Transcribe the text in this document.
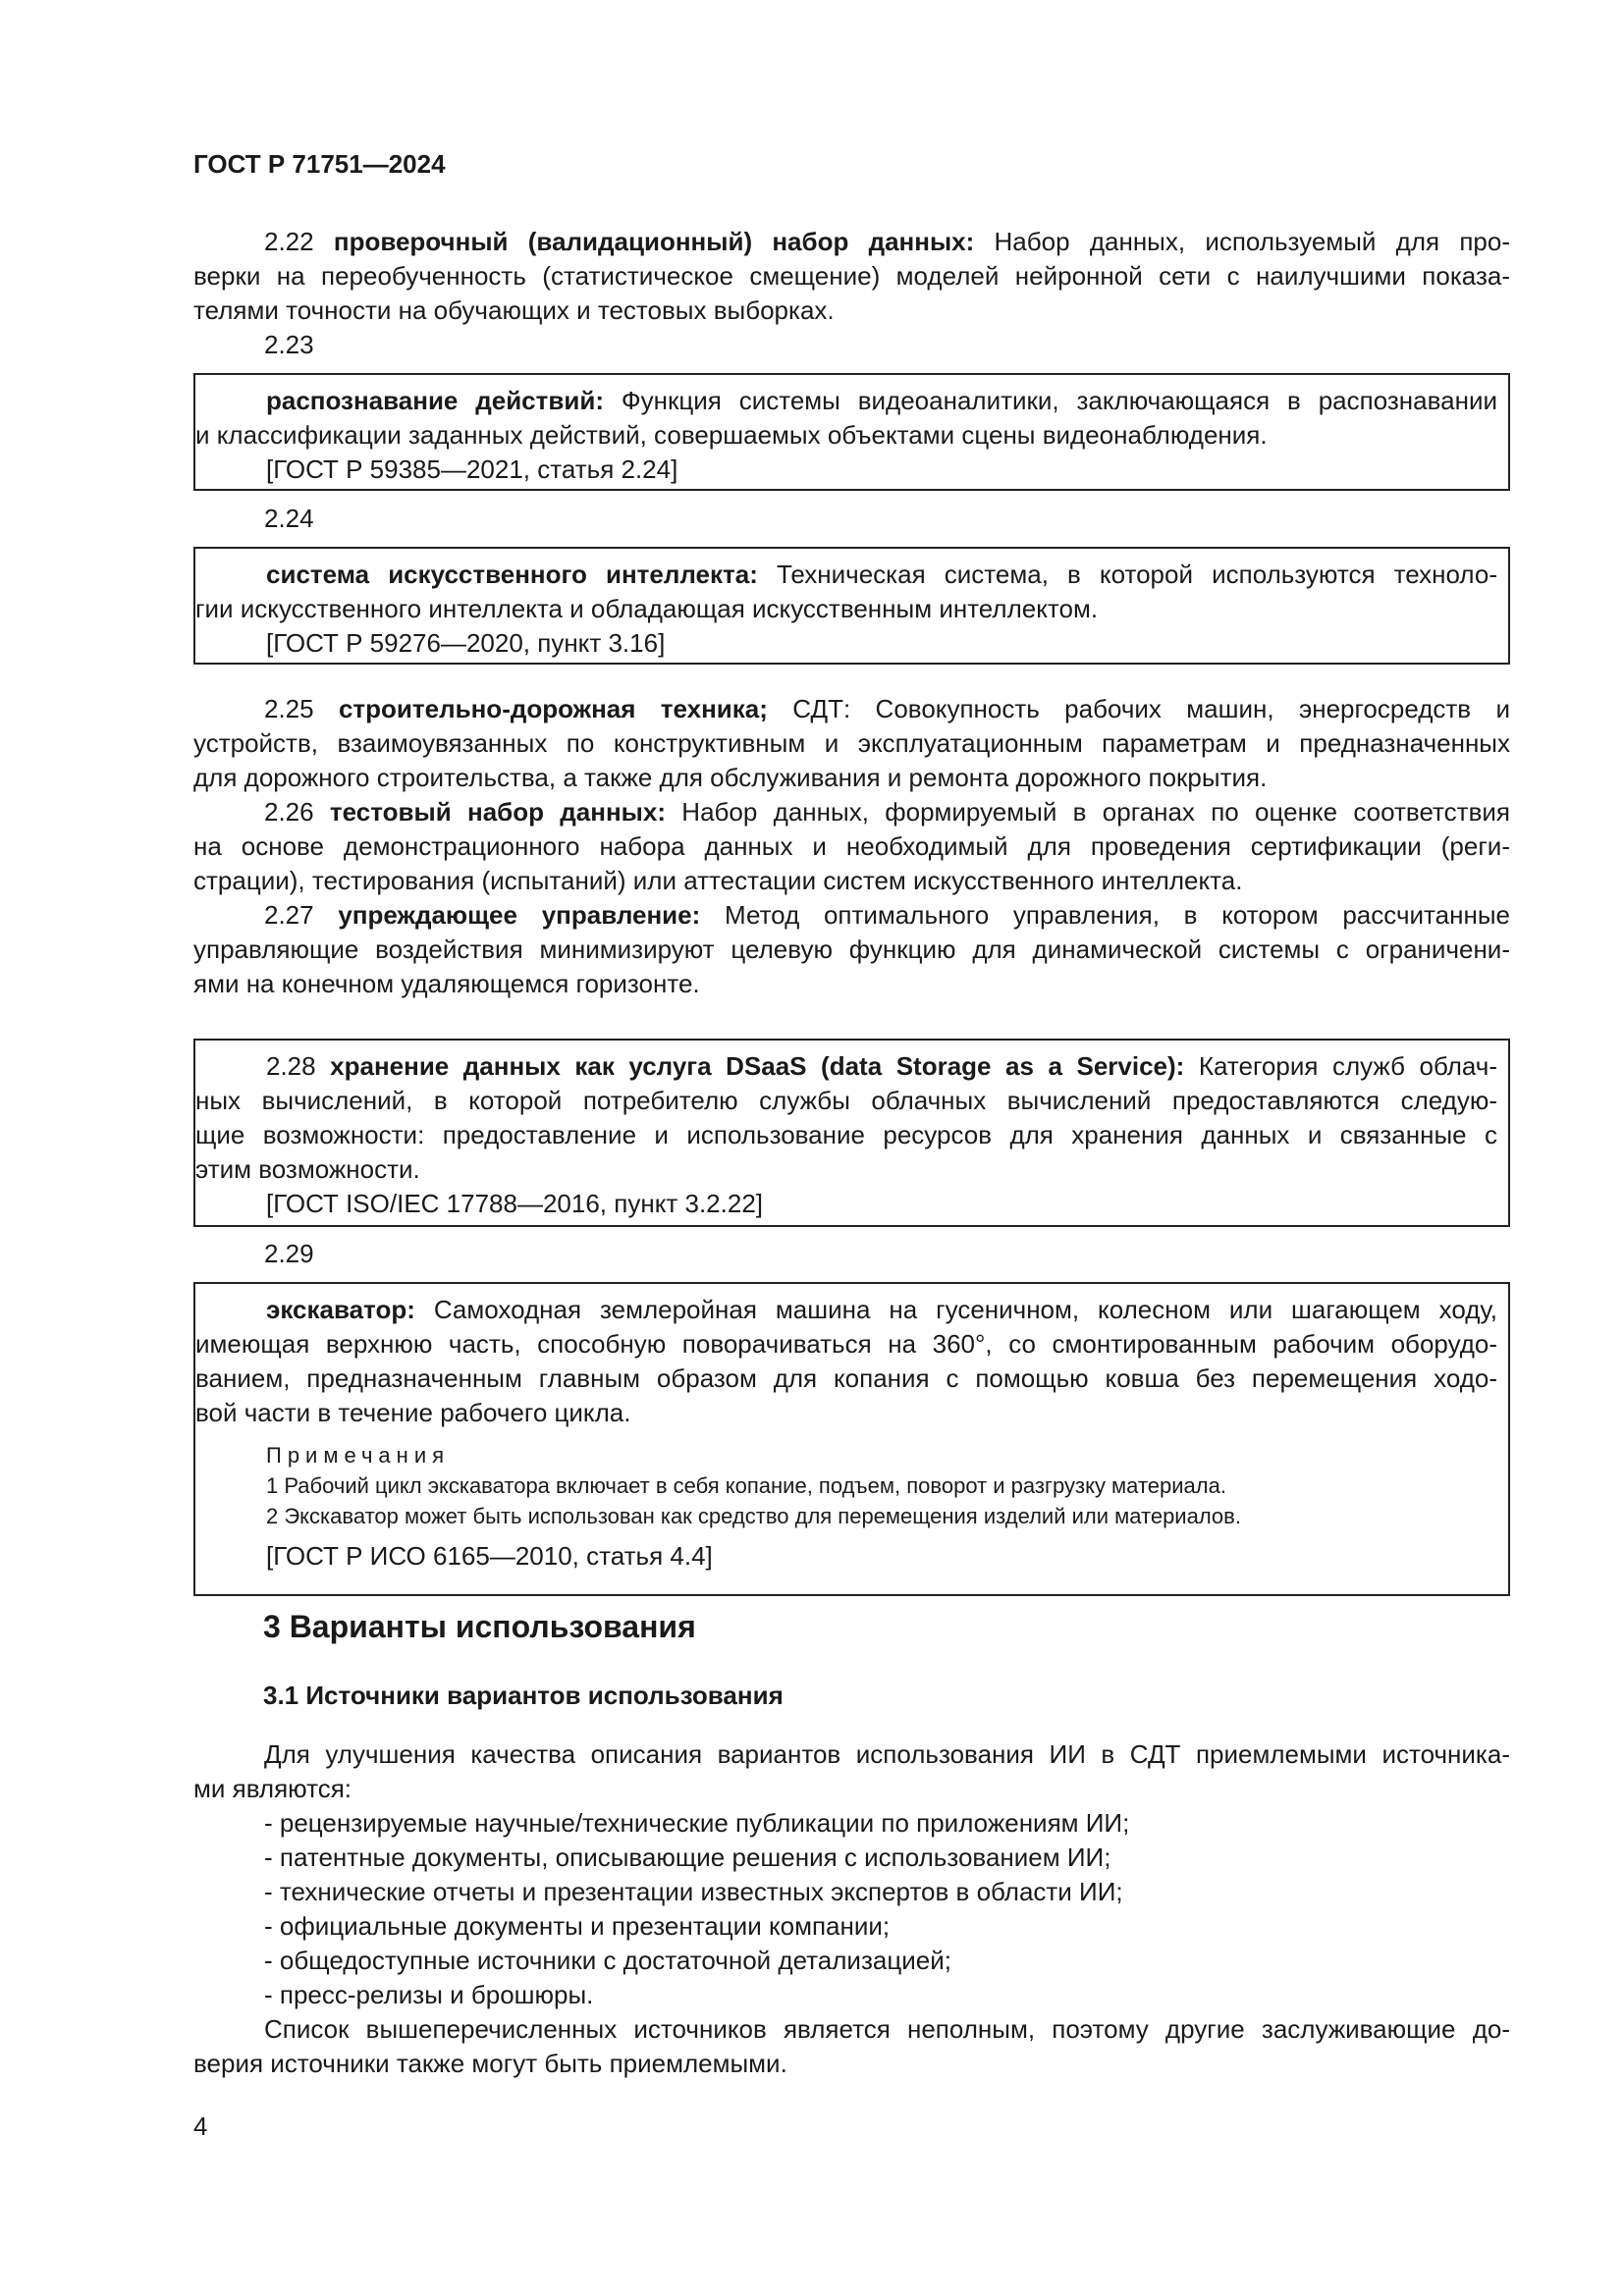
ГОСТ Р 71751—2024

2.22 проверочный (валидационный) набор данных: Набор данных, используемый для про-

верки на переобученность (статистическое смещение) моделей нейронной сети с наилучшими показа-

телями точности на обучающих и тестовых выборках.

2.23

распознавание действий: Функция системы видеоаналитики, заключающаяся в распознавании

и классификации заданных действий, совершаемых объектами сцены видеонаблюдения.

[ГОСТ Р 59385—2021, статья 2.24]

2.24

система искусственного интеллекта: Техническая система, в которой используются техноло-

гии искусственного интеллекта и обладающая искусственным интеллектом.

[ГОСТ Р 59276—2020, пункт 3.16]

2.25 строительно-дорожная техника; СДТ: Совокупность рабочих машин, энергосредств и

устройств, взаимоувязанных по конструктивным и эксплуатационным параметрам и предназначенных

для дорожного строительства, а также для обслуживания и ремонта дорожного покрытия.

2.26 тестовый набор данных: Набор данных, формируемый в органах по оценке соответствия

на основе демонстрационного набора данных и необходимый для проведения сертификации (реги-

страции), тестирования (испытаний) или аттестации систем искусственного интеллекта.

2.27 упреждающее управление: Метод оптимального управления, в котором рассчитанные

управляющие воздействия минимизируют целевую функцию для динамической системы с ограничени-

ями на конечном удаляющемся горизонте.

2.28 хранение данных как услуга DSaaS (data Storage as a Service): Категория служб облач-

ных вычислений, в которой потребителю службы облачных вычислений предоставляются следую-

щие возможности: предоставление и использование ресурсов для хранения данных и связанные с

этим возможности.

[ГОСТ ISO/IEC 17788—2016, пункт 3.2.22]

2.29

экскаватор: Самоходная землеройная машина на гусеничном, колесном или шагающем ходу,

имеющая верхнюю часть, способную поворачиваться на 360°, со смонтированным рабочим оборудо-

ванием, предназначенным главным образом для копания с помощью ковша без перемещения ходо-

вой части в течение рабочего цикла.

Примечания

1 Рабочий цикл экскаватора включает в себя копание, подъем, поворот и разгрузку материала.

2 Экскаватор может быть использован как средство для перемещения изделий или материалов.

[ГОСТ Р ИСО 6165—2010, статья 4.4]

3 Варианты использования
3.1 Источники вариантов использования

Для улучшения качества описания вариантов использования ИИ в СДТ приемлемыми источника-

ми являются:

- рецензируемые научные/технические публикации по приложениям ИИ;
- патентные документы, описывающие решения с использованием ИИ;
- технические отчеты и презентации известных экспертов в области ИИ;
- официальные документы и презентации компании;
- общедоступные источники с достаточной детализацией;
- пресс-релизы и брошюры.

Список вышеперечисленных источников является неполным, поэтому другие заслуживающие до-

верия источники также могут быть приемлемыми.

4
